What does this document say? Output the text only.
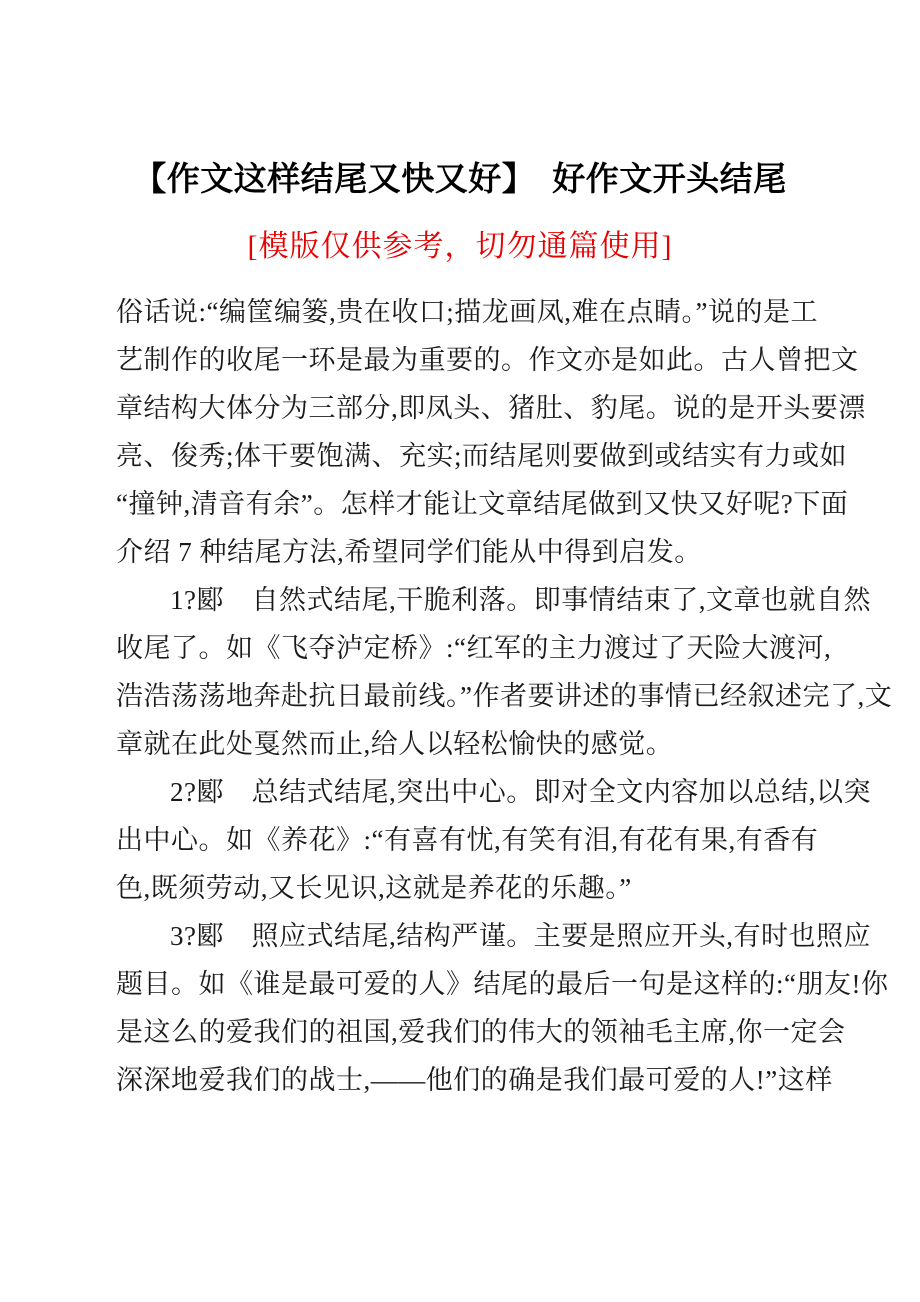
【作文这样结尾又快又好】　好作文开头结尾
[模版仅供参考，切勿通篇使用]
俗话说:“编筐编篓,贵在收口;描龙画凤,难在点睛。”说的是工
艺制作的收尾一环是最为重要的。作文亦是如此。古人曾把文
章结构大体分为三部分,即凤头、猪肚、豹尾。说的是开头要漂
亮、俊秀;体干要饱满、充实;而结尾则要做到或结实有力或如
“撞钟,清音有余”。怎样才能让文章结尾做到又快又好呢?下面
介绍 7 种结尾方法,希望同学们能从中得到启发。
1?郾　自然式结尾,干脆利落。即事情结束了,文章也就自然
收尾了。如《飞夺泸定桥》:“红军的主力渡过了天险大渡河,
浩浩荡荡地奔赴抗日最前线。”作者要讲述的事情已经叙述完了,文
章就在此处戛然而止,给人以轻松愉快的感觉。
2?郾　总结式结尾,突出中心。即对全文内容加以总结,以突
出中心。如《养花》:“有喜有忧,有笑有泪,有花有果,有香有
色,既须劳动,又长见识,这就是养花的乐趣。”
3?郾　照应式结尾,结构严谨。主要是照应开头,有时也照应
题目。如《谁是最可爱的人》结尾的最后一句是这样的:“朋友!你
是这么的爱我们的祖国,爱我们的伟大的领袖毛主席,你一定会
深深地爱我们的战士,——他们的确是我们最可爱的人!”这样
